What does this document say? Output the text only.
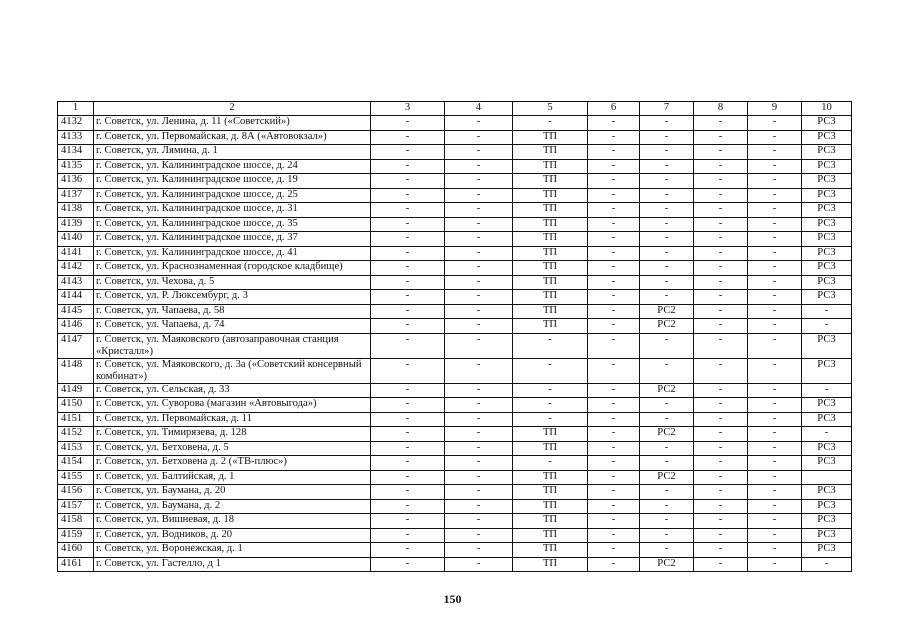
1	2	3	4	5	6	7	8	9	10
4132	г. Советск, ул. Ленина, д. 11 («Советский»)	-	-	-	-	-	-	-	РС3
4133	г. Советск, ул. Первомайская, д. 8А («Автовокзал»)	-	-	ТП	-	-	-	-	РС3
4134	г. Советск, ул. Лямина, д. 1	-	-	ТП	-	-	-	-	РС3
4135	г. Советск, ул. Калининградское шоссе, д. 24	-	-	ТП	-	-	-	-	РС3
4136	г. Советск, ул. Калининградское шоссе, д. 19	-	-	ТП	-	-	-	-	РС3
4137	г. Советск, ул. Калининградское шоссе, д. 25	-	-	ТП	-	-	-	-	РС3
4138	г. Советск, ул. Калининградское шоссе, д. 31	-	-	ТП	-	-	-	-	РС3
4139	г. Советск, ул. Калининградское шоссе, д. 35	-	-	ТП	-	-	-	-	РС3
4140	г. Советск, ул. Калининградское шоссе, д. 37	-	-	ТП	-	-	-	-	РС3
4141	г. Советск, ул. Калининградское шоссе, д. 41	-	-	ТП	-	-	-	-	РС3
4142	г. Советск, ул. Краснознаменная (городское кладбище)	-	-	ТП	-	-	-	-	РС3
4143	г. Советск, ул. Чехова, д. 5	-	-	ТП	-	-	-	-	РС3
4144	г. Советск, ул. Р. Люксембург, д. 3	-	-	ТП	-	-	-	-	РС3
4145	г. Советск, ул. Чапаева, д. 58	-	-	ТП	-	РС2	-	-	-
4146	г. Советск, ул. Чапаева, д. 74	-	-	ТП	-	РС2	-	-	-
4147	г. Советск, ул. Маяковского (автозаправочная станция «Кристалл»)	-	-	-	-	-	-	-	РС3
4148	г. Советск, ул. Маяковского, д. 3а («Советский консервный комбинат»)	-	-	-	-	-	-	-	РС3
4149	г. Советск, ул. Сельская, д. 33	-	-	-	-	РС2	-	-	-
4150	г. Советск, ул. Суворова (магазин «Автовыгода»)	-	-	-	-	-	-	-	РС3
4151	г. Советск, ул. Первомайская, д. 11	-	-	-	-	-	-	-	РС3
4152	г. Советск, ул. Тимирязева, д. 128	-	-	ТП	-	РС2	-	-	-
4153	г. Советск, ул. Бетховена, д. 5	-	-	ТП	-	-	-	-	РС3
4154	г. Советск, ул. Бетховена д. 2 («ТВ-плюс»)	-	-	-	-	-	-	-	РС3
4155	г. Советск, ул. Балтийская, д. 1	-	-	ТП	-	РС2	-	-	
4156	г. Советск, ул. Баумана, д. 20	-	-	ТП	-	-	-	-	РС3
4157	г. Советск, ул. Баумана, д. 2	-	-	ТП	-	-	-	-	РС3
4158	г. Советск, ул. Вишневая, д. 18	-	-	ТП	-	-	-	-	РС3
4159	г. Советск, ул. Водников, д. 20	-	-	ТП	-	-	-	-	РС3
4160	г. Советск, ул. Воронежская, д. 1	-	-	ТП	-	-	-	-	РС3
4161	г. Советск, ул. Гастелло, д 1	-	-	ТП	-	РС2	-	-	-
150
